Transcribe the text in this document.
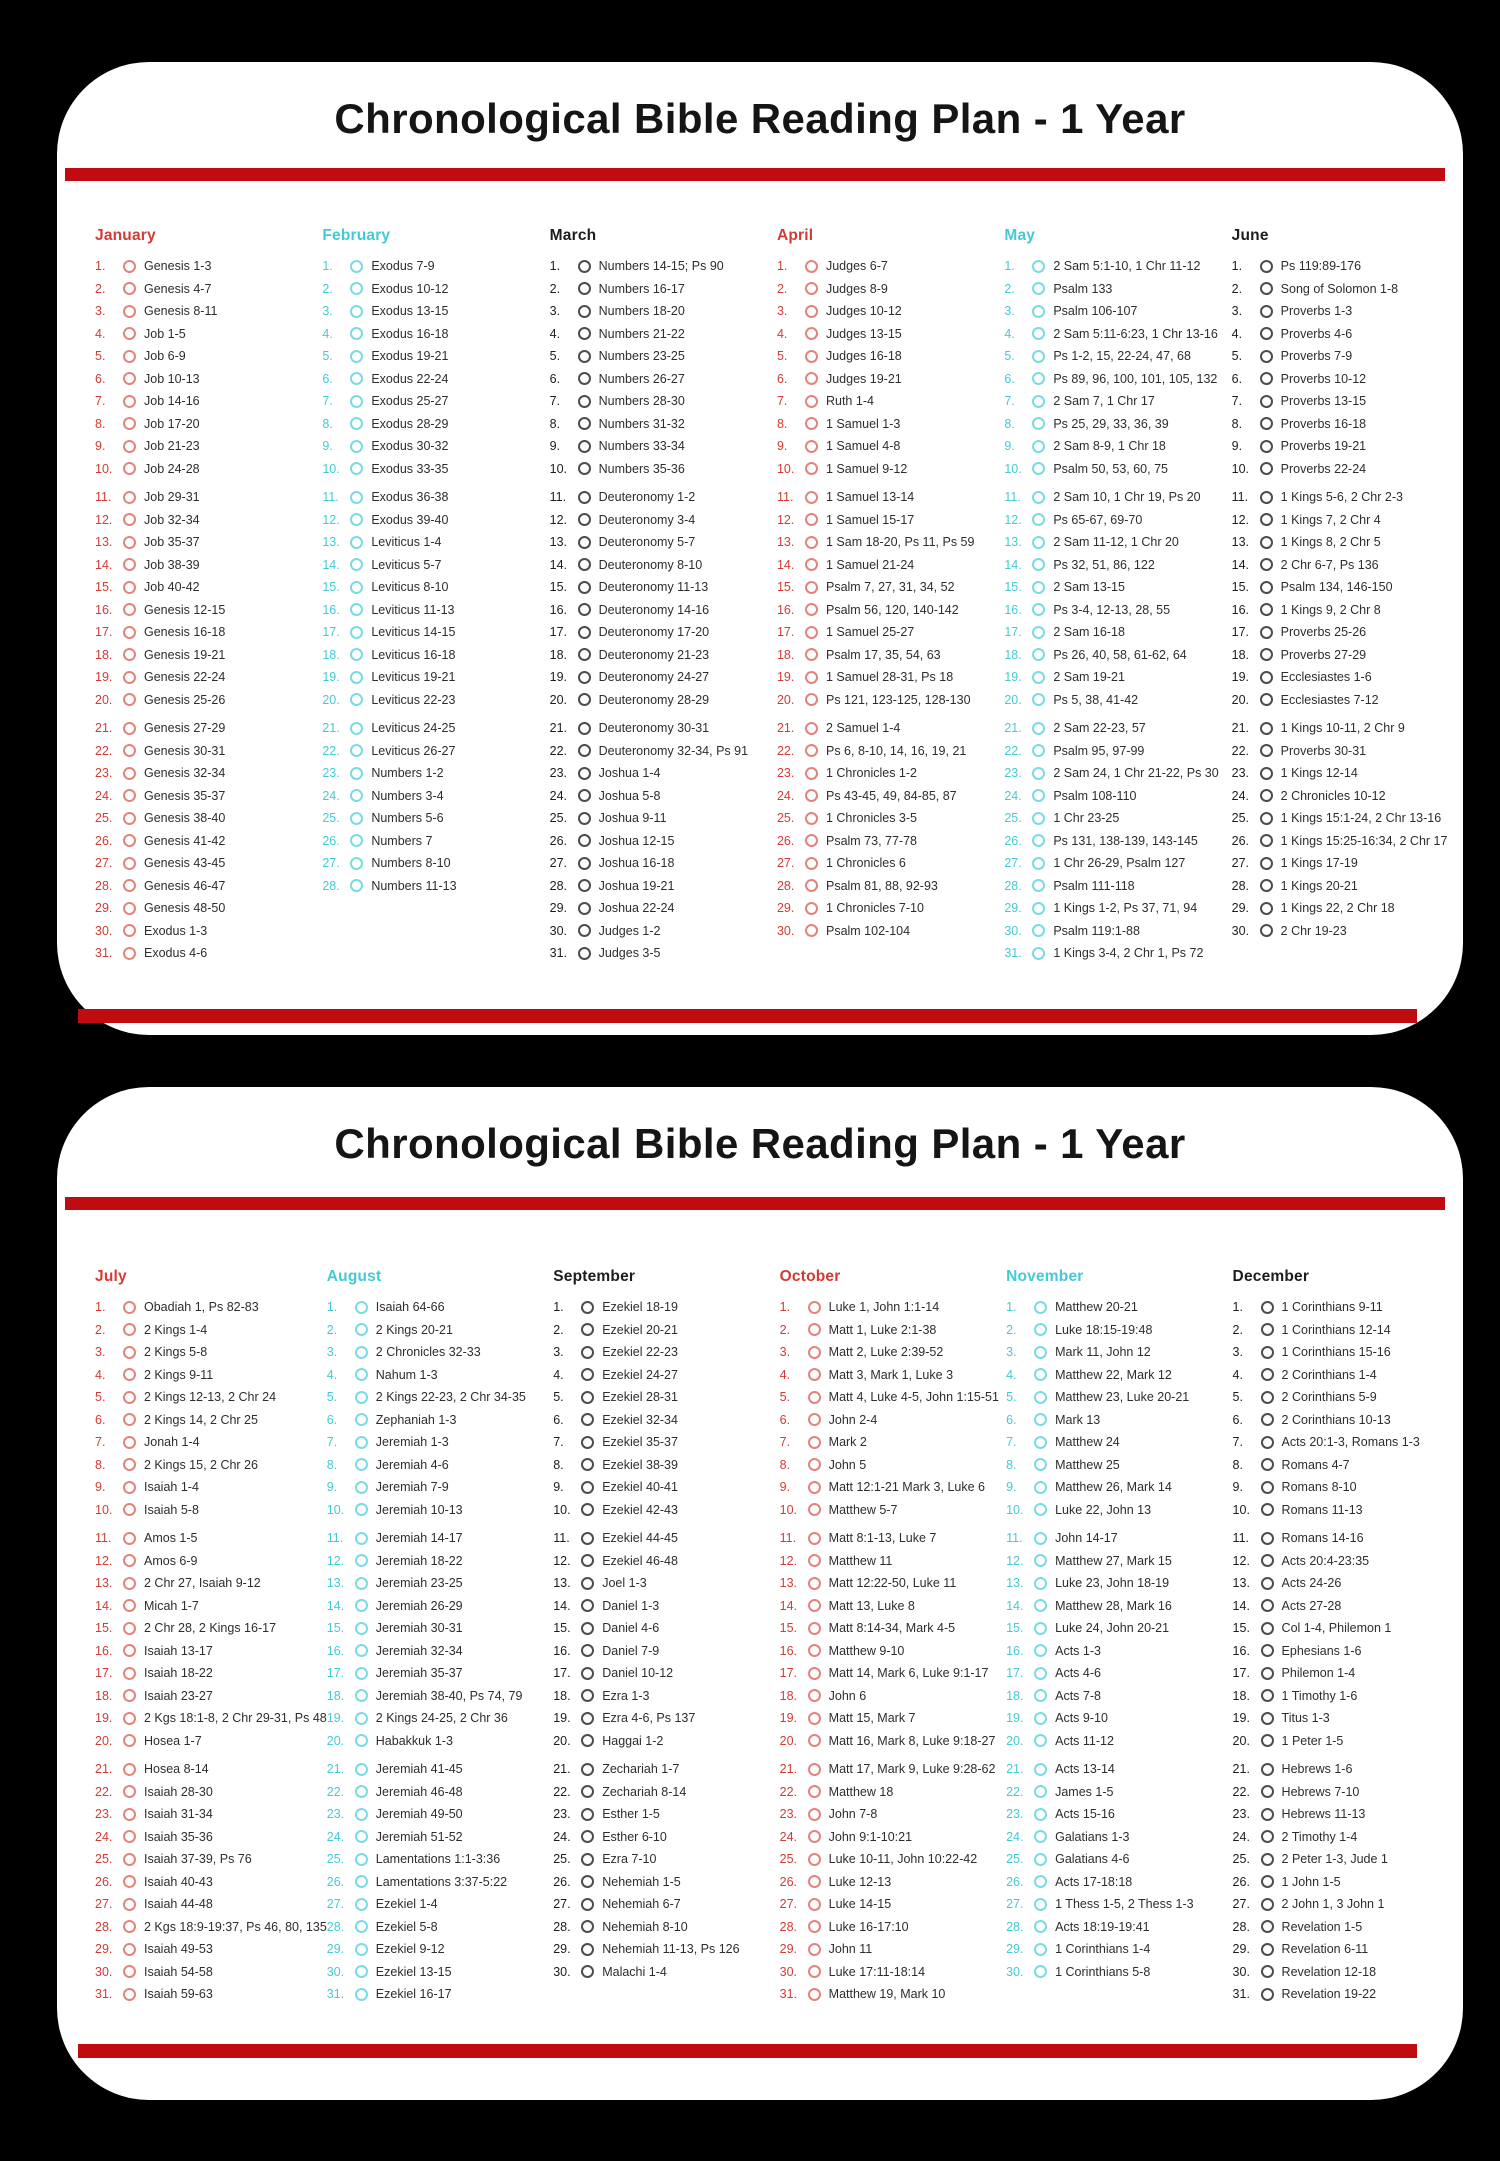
Chronological Bible Reading Plan - 1 Year
January
1.	Genesis 1-3
2.	Genesis 4-7
3.	Genesis 8-11
4.	Job 1-5
5.	Job 6-9
6.	Job 10-13
7.	Job 14-16
8.	Job 17-20
9.	Job 21-23
10.	Job 24-28
11.	Job 29-31
12.	Job 32-34
13.	Job 35-37
14.	Job 38-39
15.	Job 40-42
16.	Genesis 12-15
17.	Genesis 16-18
18.	Genesis 19-21
19.	Genesis 22-24
20.	Genesis 25-26
21.	Genesis 27-29
22.	Genesis 30-31
23.	Genesis 32-34
24.	Genesis 35-37
25.	Genesis 38-40
26.	Genesis 41-42
27.	Genesis 43-45
28.	Genesis 46-47
29.	Genesis 48-50
30.	Exodus 1-3
31.	Exodus 4-6
February
1.	Exodus 7-9
2.	Exodus 10-12
3.	Exodus 13-15
4.	Exodus 16-18
5.	Exodus 19-21
6.	Exodus 22-24
7.	Exodus 25-27
8.	Exodus 28-29
9.	Exodus 30-32
10.	Exodus 33-35
11.	Exodus 36-38
12.	Exodus 39-40
13.	Leviticus 1-4
14.	Leviticus 5-7
15.	Leviticus 8-10
16.	Leviticus 11-13
17.	Leviticus 14-15
18.	Leviticus 16-18
19.	Leviticus 19-21
20.	Leviticus 22-23
21.	Leviticus 24-25
22.	Leviticus 26-27
23.	Numbers 1-2
24.	Numbers 3-4
25.	Numbers 5-6
26.	Numbers 7
27.	Numbers 8-10
28.	Numbers 11-13
March
1.	Numbers 14-15; Ps 90
2.	Numbers 16-17
3.	Numbers 18-20
4.	Numbers 21-22
5.	Numbers 23-25
6.	Numbers 26-27
7.	Numbers 28-30
8.	Numbers 31-32
9.	Numbers 33-34
10.	Numbers 35-36
11.	Deuteronomy 1-2
12.	Deuteronomy 3-4
13.	Deuteronomy 5-7
14.	Deuteronomy 8-10
15.	Deuteronomy 11-13
16.	Deuteronomy 14-16
17.	Deuteronomy 17-20
18.	Deuteronomy 21-23
19.	Deuteronomy 24-27
20.	Deuteronomy 28-29
21.	Deuteronomy 30-31
22.	Deuteronomy 32-34, Ps 91
23.	Joshua 1-4
24.	Joshua 5-8
25.	Joshua 9-11
26.	Joshua 12-15
27.	Joshua 16-18
28.	Joshua 19-21
29.	Joshua 22-24
30.	Judges 1-2
31.	Judges 3-5
April
1.	Judges 6-7
2.	Judges 8-9
3.	Judges 10-12
4.	Judges 13-15
5.	Judges 16-18
6.	Judges 19-21
7.	Ruth 1-4
8.	1 Samuel 1-3
9.	1 Samuel 4-8
10.	1 Samuel 9-12
11.	1 Samuel 13-14
12.	1 Samuel 15-17
13.	1 Sam 18-20, Ps 11, Ps 59
14.	1 Samuel 21-24
15.	Psalm 7, 27, 31, 34, 52
16.	Psalm 56, 120, 140-142
17.	1 Samuel 25-27
18.	Psalm 17, 35, 54, 63
19.	1 Samuel 28-31, Ps 18
20.	Ps 121, 123-125, 128-130
21.	2 Samuel 1-4
22.	Ps 6, 8-10, 14, 16, 19, 21
23.	1 Chronicles 1-2
24.	Ps 43-45, 49, 84-85, 87
25.	1 Chronicles 3-5
26.	Psalm 73, 77-78
27.	1 Chronicles 6
28.	Psalm 81, 88, 92-93
29.	1 Chronicles 7-10
30.	Psalm 102-104
May
1.	2 Sam 5:1-10, 1 Chr 11-12
2.	Psalm 133
3.	Psalm 106-107
4.	2 Sam 5:11-6:23, 1 Chr 13-16
5.	Ps 1-2, 15, 22-24, 47, 68
6.	Ps 89, 96, 100, 101, 105, 132
7.	2 Sam 7, 1 Chr 17
8.	Ps 25, 29, 33, 36, 39
9.	2 Sam 8-9, 1 Chr 18
10.	Psalm 50, 53, 60, 75
11.	2 Sam 10, 1 Chr 19, Ps 20
12.	Ps 65-67, 69-70
13.	2 Sam 11-12, 1 Chr 20
14.	Ps 32, 51, 86, 122
15.	2 Sam 13-15
16.	Ps 3-4, 12-13, 28, 55
17.	2 Sam 16-18
18.	Ps 26, 40, 58, 61-62, 64
19.	2 Sam 19-21
20.	Ps 5, 38, 41-42
21.	2 Sam 22-23, 57
22.	Psalm 95, 97-99
23.	2 Sam 24, 1 Chr 21-22, Ps 30
24.	Psalm 108-110
25.	1 Chr 23-25
26.	Ps 131, 138-139, 143-145
27.	1 Chr 26-29, Psalm 127
28.	Psalm 111-118
29.	1 Kings 1-2, Ps 37, 71, 94
30.	Psalm 119:1-88
31.	1 Kings 3-4, 2 Chr 1, Ps 72
June
1.	Ps 119:89-176
2.	Song of Solomon 1-8
3.	Proverbs 1-3
4.	Proverbs 4-6
5.	Proverbs 7-9
6.	Proverbs 10-12
7.	Proverbs 13-15
8.	Proverbs 16-18
9.	Proverbs 19-21
10.	Proverbs 22-24
11.	1 Kings 5-6, 2 Chr 2-3
12.	1 Kings 7, 2 Chr 4
13.	1 Kings 8, 2 Chr 5
14.	2 Chr 6-7, Ps 136
15.	Psalm 134, 146-150
16.	1 Kings 9, 2 Chr 8
17.	Proverbs 25-26
18.	Proverbs 27-29
19.	Ecclesiastes 1-6
20.	Ecclesiastes 7-12
21.	1 Kings 10-11, 2 Chr 9
22.	Proverbs 30-31
23.	1 Kings 12-14
24.	2 Chronicles 10-12
25.	1 Kings 15:1-24, 2 Chr 13-16
26.	1 Kings 15:25-16:34, 2 Chr 17
27.	1 Kings 17-19
28.	1 Kings 20-21
29.	1 Kings 22, 2 Chr 18
30.	2 Chr 19-23
Chronological Bible Reading Plan - 1 Year
July
1.	Obadiah 1, Ps 82-83
2.	2 Kings 1-4
3.	2 Kings 5-8
4.	2 Kings 9-11
5.	2 Kings 12-13, 2 Chr 24
6.	2 Kings 14, 2 Chr 25
7.	Jonah 1-4
8.	2 Kings 15, 2 Chr 26
9.	Isaiah 1-4
10.	Isaiah 5-8
11.	Amos 1-5
12.	Amos 6-9
13.	2 Chr 27, Isaiah 9-12
14.	Micah 1-7
15.	2 Chr 28, 2 Kings 16-17
16.	Isaiah 13-17
17.	Isaiah 18-22
18.	Isaiah 23-27
19.	2 Kgs 18:1-8, 2 Chr 29-31, Ps 48
20.	Hosea 1-7
21.	Hosea 8-14
22.	Isaiah 28-30
23.	Isaiah 31-34
24.	Isaiah 35-36
25.	Isaiah 37-39, Ps 76
26.	Isaiah 40-43
27.	Isaiah 44-48
28.	2 Kgs 18:9-19:37, Ps 46, 80, 135
29.	Isaiah 49-53
30.	Isaiah 54-58
31.	Isaiah 59-63
August
1.	Isaiah 64-66
2.	2 Kings 20-21
3.	2 Chronicles 32-33
4.	Nahum 1-3
5.	2 Kings 22-23, 2 Chr 34-35
6.	Zephaniah 1-3
7.	Jeremiah 1-3
8.	Jeremiah 4-6
9.	Jeremiah 7-9
10.	Jeremiah 10-13
11.	Jeremiah 14-17
12.	Jeremiah 18-22
13.	Jeremiah 23-25
14.	Jeremiah 26-29
15.	Jeremiah 30-31
16.	Jeremiah 32-34
17.	Jeremiah 35-37
18.	Jeremiah 38-40, Ps 74, 79
19.	2 Kings 24-25, 2 Chr 36
20.	Habakkuk 1-3
21.	Jeremiah 41-45
22.	Jeremiah 46-48
23.	Jeremiah 49-50
24.	Jeremiah 51-52
25.	Lamentations 1:1-3:36
26.	Lamentations 3:37-5:22
27.	Ezekiel 1-4
28.	Ezekiel 5-8
29.	Ezekiel 9-12
30.	Ezekiel 13-15
31.	Ezekiel 16-17
September
1.	Ezekiel 18-19
2.	Ezekiel 20-21
3.	Ezekiel 22-23
4.	Ezekiel 24-27
5.	Ezekiel 28-31
6.	Ezekiel 32-34
7.	Ezekiel 35-37
8.	Ezekiel 38-39
9.	Ezekiel 40-41
10.	Ezekiel 42-43
11.	Ezekiel 44-45
12.	Ezekiel 46-48
13.	Joel 1-3
14.	Daniel 1-3
15.	Daniel 4-6
16.	Daniel 7-9
17.	Daniel 10-12
18.	Ezra 1-3
19.	Ezra 4-6, Ps 137
20.	Haggai 1-2
21.	Zechariah 1-7
22.	Zechariah 8-14
23.	Esther 1-5
24.	Esther 6-10
25.	Ezra 7-10
26.	Nehemiah 1-5
27.	Nehemiah 6-7
28.	Nehemiah 8-10
29.	Nehemiah 11-13, Ps 126
30.	Malachi 1-4
October
1.	Luke 1, John 1:1-14
2.	Matt 1, Luke 2:1-38
3.	Matt 2, Luke 2:39-52
4.	Matt 3, Mark 1, Luke 3
5.	Matt 4, Luke 4-5, John 1:15-51
6.	John 2-4
7.	Mark 2
8.	John 5
9.	Matt 12:1-21 Mark 3, Luke 6
10.	Matthew 5-7
11.	Matt 8:1-13, Luke 7
12.	Matthew 11
13.	Matt 12:22-50, Luke 11
14.	Matt 13, Luke 8
15.	Matt 8:14-34, Mark 4-5
16.	Matthew 9-10
17.	Matt 14, Mark 6, Luke 9:1-17
18.	John 6
19.	Matt 15, Mark 7
20.	Matt 16, Mark 8, Luke 9:18-27
21.	Matt 17, Mark 9, Luke 9:28-62
22.	Matthew 18
23.	John 7-8
24.	John 9:1-10:21
25.	Luke 10-11, John 10:22-42
26.	Luke 12-13
27.	Luke 14-15
28.	Luke 16-17:10
29.	John 11
30.	Luke 17:11-18:14
31.	Matthew 19, Mark 10
November
1.	Matthew 20-21
2.	Luke 18:15-19:48
3.	Mark 11, John 12
4.	Matthew 22, Mark 12
5.	Matthew 23, Luke 20-21
6.	Mark 13
7.	Matthew 24
8.	Matthew 25
9.	Matthew 26, Mark 14
10.	Luke 22, John 13
11.	John 14-17
12.	Matthew 27, Mark 15
13.	Luke 23, John 18-19
14.	Matthew 28, Mark 16
15.	Luke 24, John 20-21
16.	Acts 1-3
17.	Acts 4-6
18.	Acts 7-8
19.	Acts 9-10
20.	Acts 11-12
21.	Acts 13-14
22.	James 1-5
23.	Acts 15-16
24.	Galatians 1-3
25.	Galatians 4-6
26.	Acts 17-18:18
27.	1 Thess 1-5, 2 Thess 1-3
28.	Acts 18:19-19:41
29.	1 Corinthians 1-4
30.	1 Corinthians 5-8
December
1.	1 Corinthians 9-11
2.	1 Corinthians 12-14
3.	1 Corinthians 15-16
4.	2 Corinthians 1-4
5.	2 Corinthians 5-9
6.	2 Corinthians 10-13
7.	Acts 20:1-3, Romans 1-3
8.	Romans 4-7
9.	Romans 8-10
10.	Romans 11-13
11.	Romans 14-16
12.	Acts 20:4-23:35
13.	Acts 24-26
14.	Acts 27-28
15.	Col 1-4, Philemon 1
16.	Ephesians 1-6
17.	Philemon 1-4
18.	1 Timothy 1-6
19.	Titus 1-3
20.	1 Peter 1-5
21.	Hebrews 1-6
22.	Hebrews 7-10
23.	Hebrews 11-13
24.	2 Timothy 1-4
25.	2 Peter 1-3, Jude 1
26.	1 John 1-5
27.	2 John 1, 3 John 1
28.	Revelation 1-5
29.	Revelation 6-11
30.	Revelation 12-18
31.	Revelation 19-22
